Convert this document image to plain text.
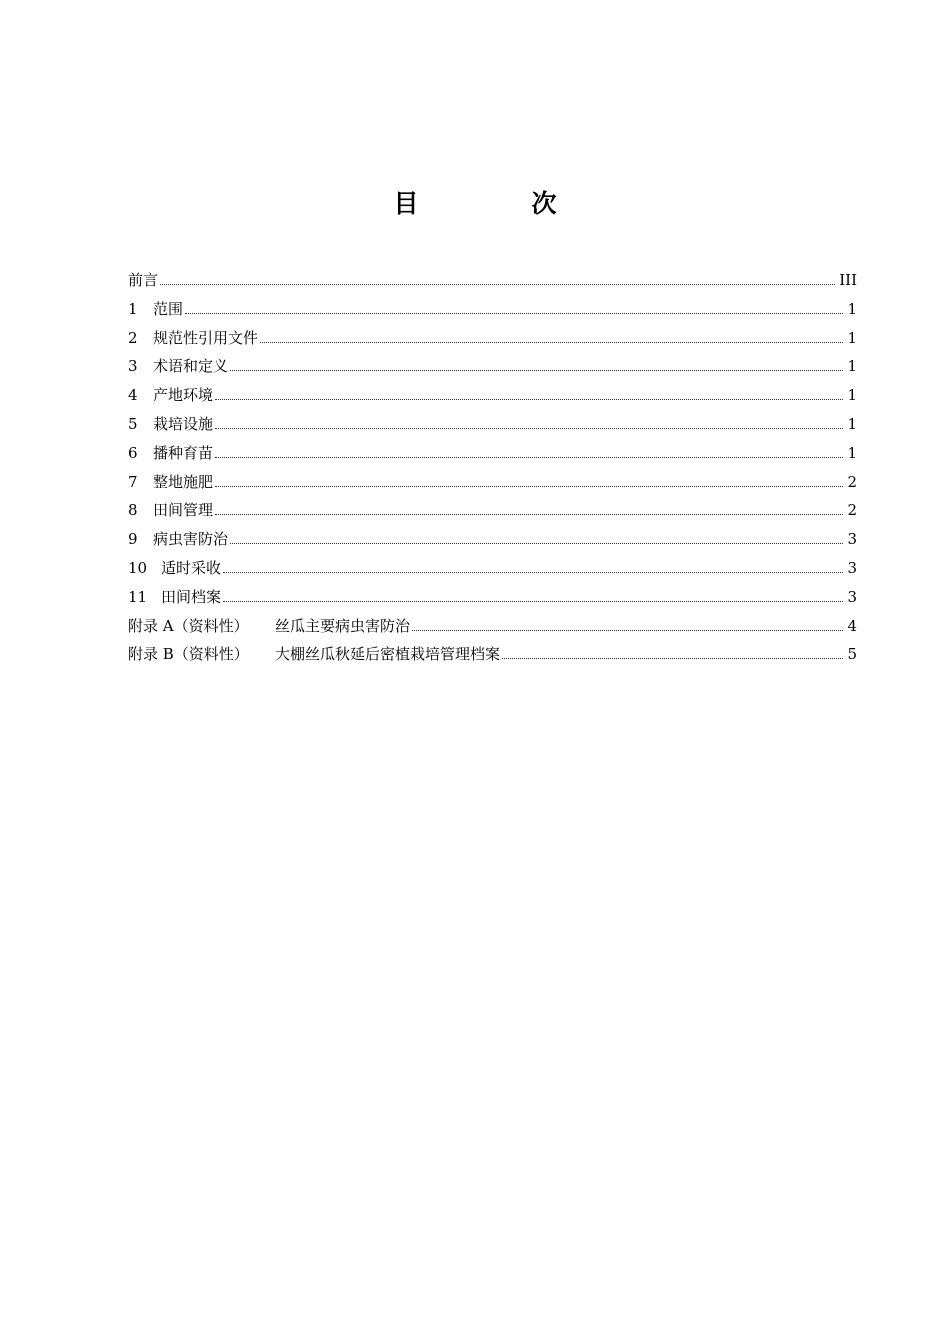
目　次
前言	III
1	范围	1
2	规范性引用文件	1
3	术语和定义	1
4	产地环境	1
5	栽培设施	1
6	播种育苗	1
7	整地施肥	2
8	田间管理	2
9	病虫害防治	3
10 适时采收	3
11 田间档案	3
附录 A（资料性）	丝瓜主要病虫害防治	4
附录 B（资料性）	大棚丝瓜秋延后密植栽培管理档案	5
